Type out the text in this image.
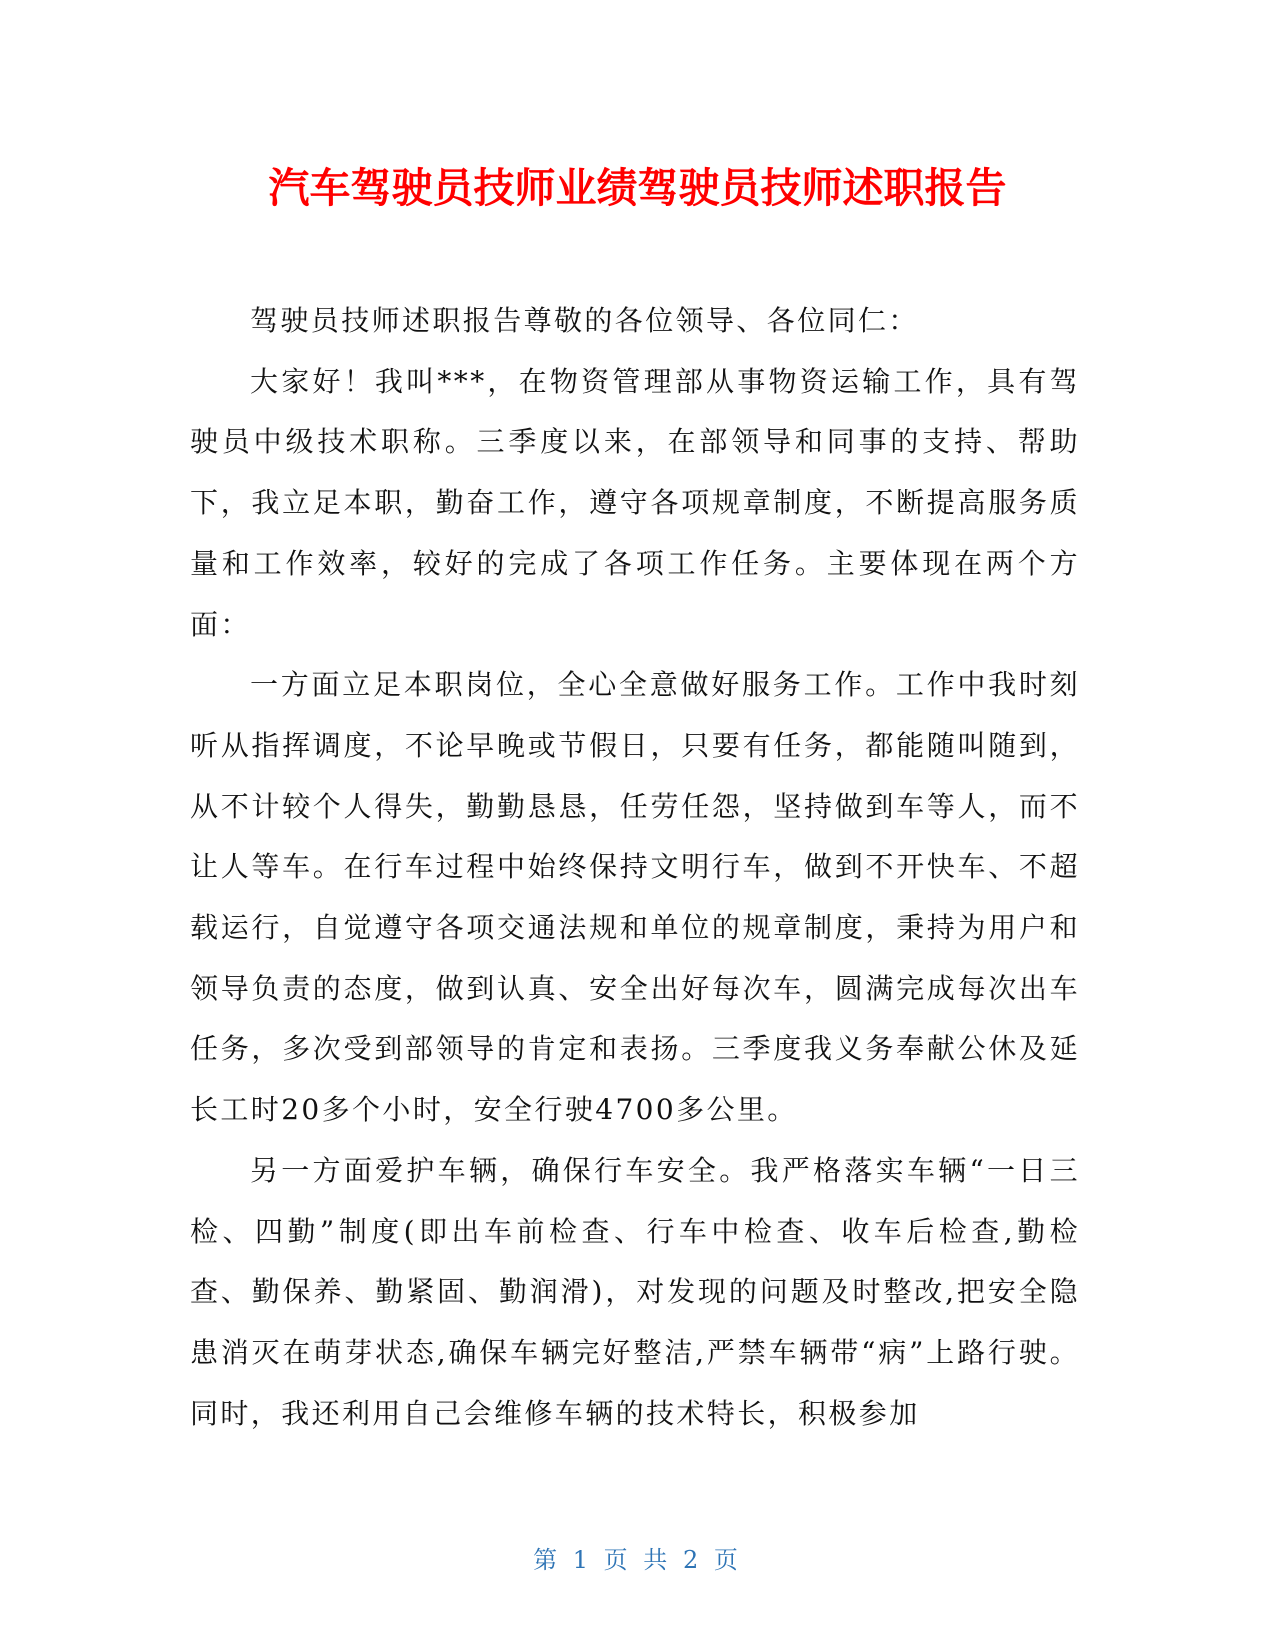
汽车驾驶员技师业绩驾驶员技师述职报告

驾驶员技师述职报告尊敬的各位领导、各位同仁：

大家好！我叫***，在物资管理部从事物资运输工作，具有驾驶员中级技术职称。三季度以来，在部领导和同事的支持、帮助下，我立足本职，勤奋工作，遵守各项规章制度，不断提高服务质量和工作效率，较好的完成了各项工作任务。主要体现在两个方面：

一方面立足本职岗位，全心全意做好服务工作。工作中我时刻听从指挥调度，不论早晚或节假日，只要有任务，都能随叫随到，从不计较个人得失，勤勤恳恳，任劳任怨，坚持做到车等人，而不让人等车。在行车过程中始终保持文明行车，做到不开快车、不超载运行，自觉遵守各项交通法规和单位的规章制度，秉持为用户和领导负责的态度，做到认真、安全出好每次车，圆满完成每次出车任务，多次受到部领导的肯定和表扬。三季度我义务奉献公休及延长工时20多个小时，安全行驶4700多公里。

另一方面爱护车辆，确保行车安全。我严格落实车辆“一日三检、四勤”制度(即出车前检查、行车中检查、收车后检查,勤检查、勤保养、勤紧固、勤润滑)，对发现的问题及时整改,把安全隐患消灭在萌芽状态,确保车辆完好整洁,严禁车辆带“病”上路行驶。同时，我还利用自己会维修车辆的技术特长，积极参加

第 1 页 共 2 页
